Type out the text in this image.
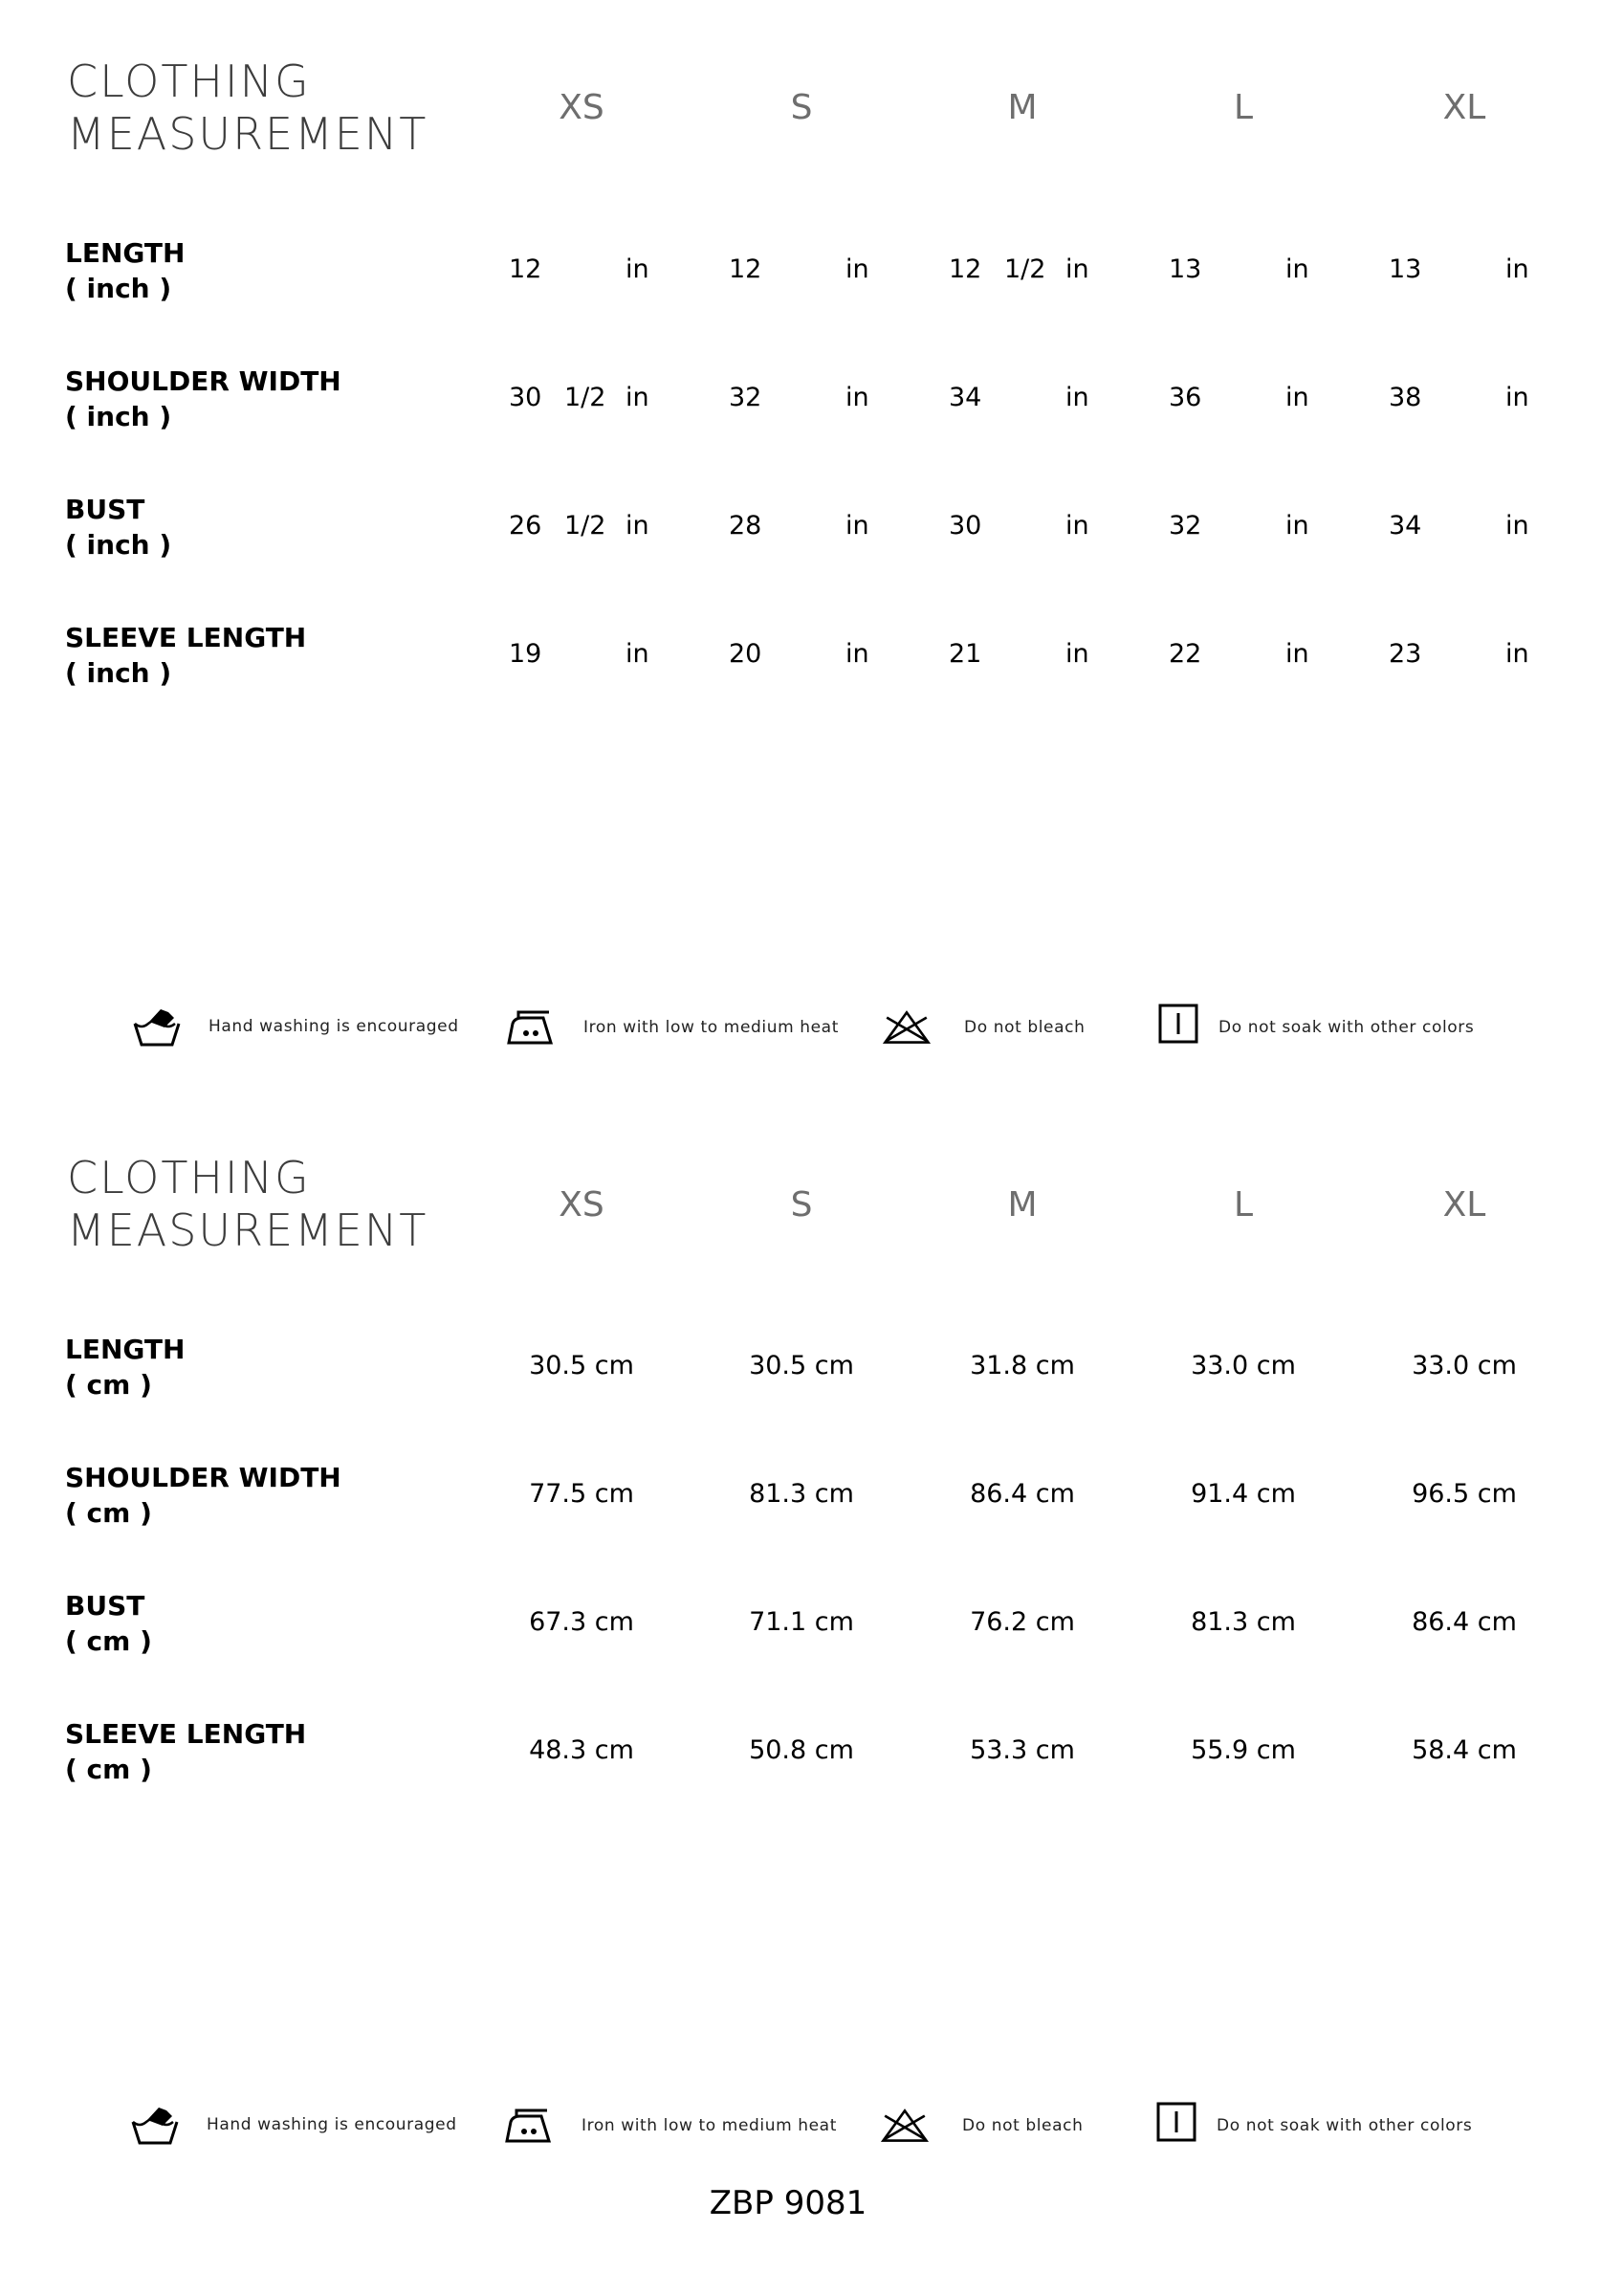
CLOTHING
MEASUREMENT
XS	S	M	L	XL
LENGTH
( inch )
12	in	12	in	12 1/2 in	13	in	13	in
SHOULDER WIDTH
( inch )
30 1/2 in	32	in	34	in	36	in	38	in
BUST
( inch )
26 1/2 in	28	in	30	in	32	in	34	in
SLEEVE LENGTH
( inch )
19	in	20	in	21	in	22	in	23	in
Hand washing is encouraged	Iron with low to medium heat	Do not bleach	Do not soak with other colors
CLOTHING
MEASUREMENT	XS	S	M	L	XL
LENGTH
( cm )
30.5 cm	30.5 cm	31.8 cm	33.0 cm	33.0 cm
SHOULDER WIDTH
( cm )
77.5 cm	81.3 cm	86.4 cm	91.4 cm	96.5 cm
BUST
( cm )
67.3 cm	71.1 cm	76.2 cm	81.3 cm	86.4 cm
SLEEVE LENGTH
( cm )
48.3 cm	50.8 cm	53.3 cm	55.9 cm	58.4 cm
Hand washing is encouraged	Iron with low to medium heat	Do not bleach	Do not soak with other colors
ZBP 9081
